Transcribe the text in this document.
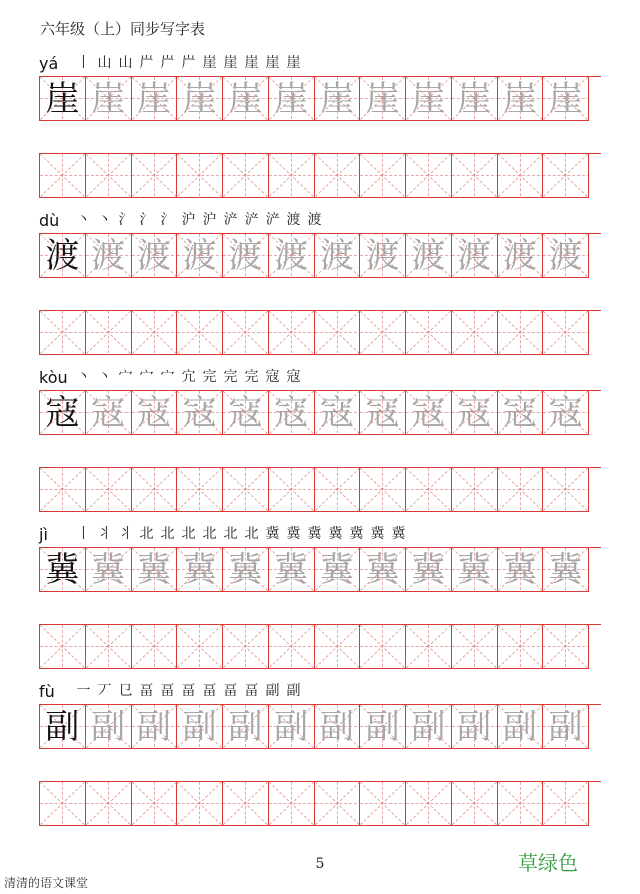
六年级（上）同步写字表
yá 丨 山 山 屵 屵 屵 崖 崖 崖 崖 崖
崖 崖 崖 崖 崖 崖 崖 崖 崖 崖 崖 崖
dù 丶 丶 氵 氵 氵 沪 沪 浐 浐 浐 渡 渡
渡 渡 渡 渡 渡 渡 渡 渡 渡 渡 渡 渡
kòu 丶 丶 宀 宀 宀 宂 完 完 完 寇 寇
寇 寇 寇 寇 寇 寇 寇 寇 寇 寇 寇 寇
jì 丨 丬 丬 北 北 北 北 北 北 冀 冀 冀 冀 冀 冀 冀
冀 冀 冀 冀 冀 冀 冀 冀 冀 冀 冀 冀
fù 一 丆 㔾 畐 畐 畐 畐 畐 畐 副 副
副 副 副 副 副 副 副 副 副 副 副 副
5
清清的语文课堂
草绿色
